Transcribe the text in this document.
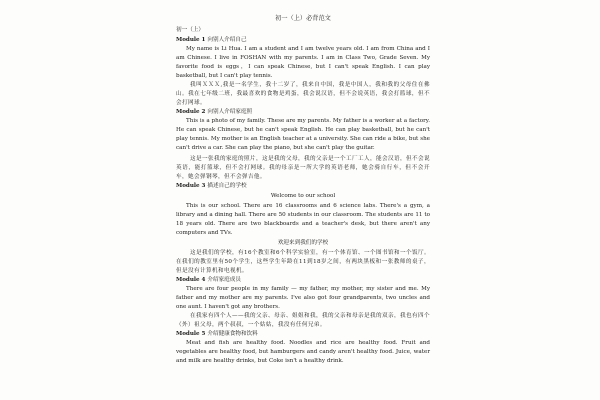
初一（上）必背范文
初一（上）
Module 1 向别人介绍自己

My name is Li Hua. I am a student and I am twelve years old. I am from China and I am Chinese. I live in FOSHAN with my parents. I am in Class Two, Grade Seven. My favorite food is eggs，I can speak Chinese, but I can't speak English. I can play basketball, but I can't play tennis.

我叫ＸＸＸ,我是一名学生，我十二岁了，我来自中国，我是中国人，我和我的父母住在佛山。我在七年级二班，我最喜欢的食物是鸡蛋，我会说汉语，但不会说英语，我会打篮球，但不会打网球。

Module 2 向别人介绍家庭照

This is a photo of my family. These are my parents. My father is a worker at a factory. He can speak Chinese, but he can't speak English. He can play basketball, but he can't play tennis. My mother is an English teacher at a university. She can ride a bike, but she can't drive a car. She can play the piano, but she can't play the guitar.

这是一张我的家庭的照片，这是我的父母，我的父亲是一个工厂工人，能会汉语，但不会说英语，能打篮球，但不会打网球。我的母亲是一所大学的英语老师，她会骑自行车，但不会开车，她会弹钢琴，但不会弹吉他。

Module 3 描述自己的学校
Welcome to our school

This is our school. There are 16 classrooms and 6 science labs. There's a gym, a library and a dining hall. There are 50 students in our classroom. The students are 11 to 18 years old. There are two blackboards and a teacher's desk, but there aren't any computers and TVs．

欢迎来到我们的学校

这是我们的学校，有16个教室和6个科学实验室，有一个体育馆、一个图书馆和一个饭厅。在我们的教室里有50个学生，这些学生年龄在11到18岁之间，有两块黑板和一张教师的桌子，但是没有计算机和电视机。

Module 4 介绍家庭成员

There are four people in my family — my father, my mother, my sister and me. My father and my mother are my parents. I've also got four grandparents, two uncles and one aunt. I haven't got any brothers.

在我家有四个人——我的父亲、母亲、姐姐和我，我的父亲和母亲是我的双亲，我也有四个（外）祖父母，两个叔叔，一个姑姑，我没有任何兄弟。

Module 5 介绍健康食物和饮料

Meat and fish are healthy food. Noodles and rice are healthy food. Fruit and vegetables are healthy food, but hamburgers and candy aren't healthy food. Juice, water and milk are healthy drinks, but Coke isn't a healthy drink．
